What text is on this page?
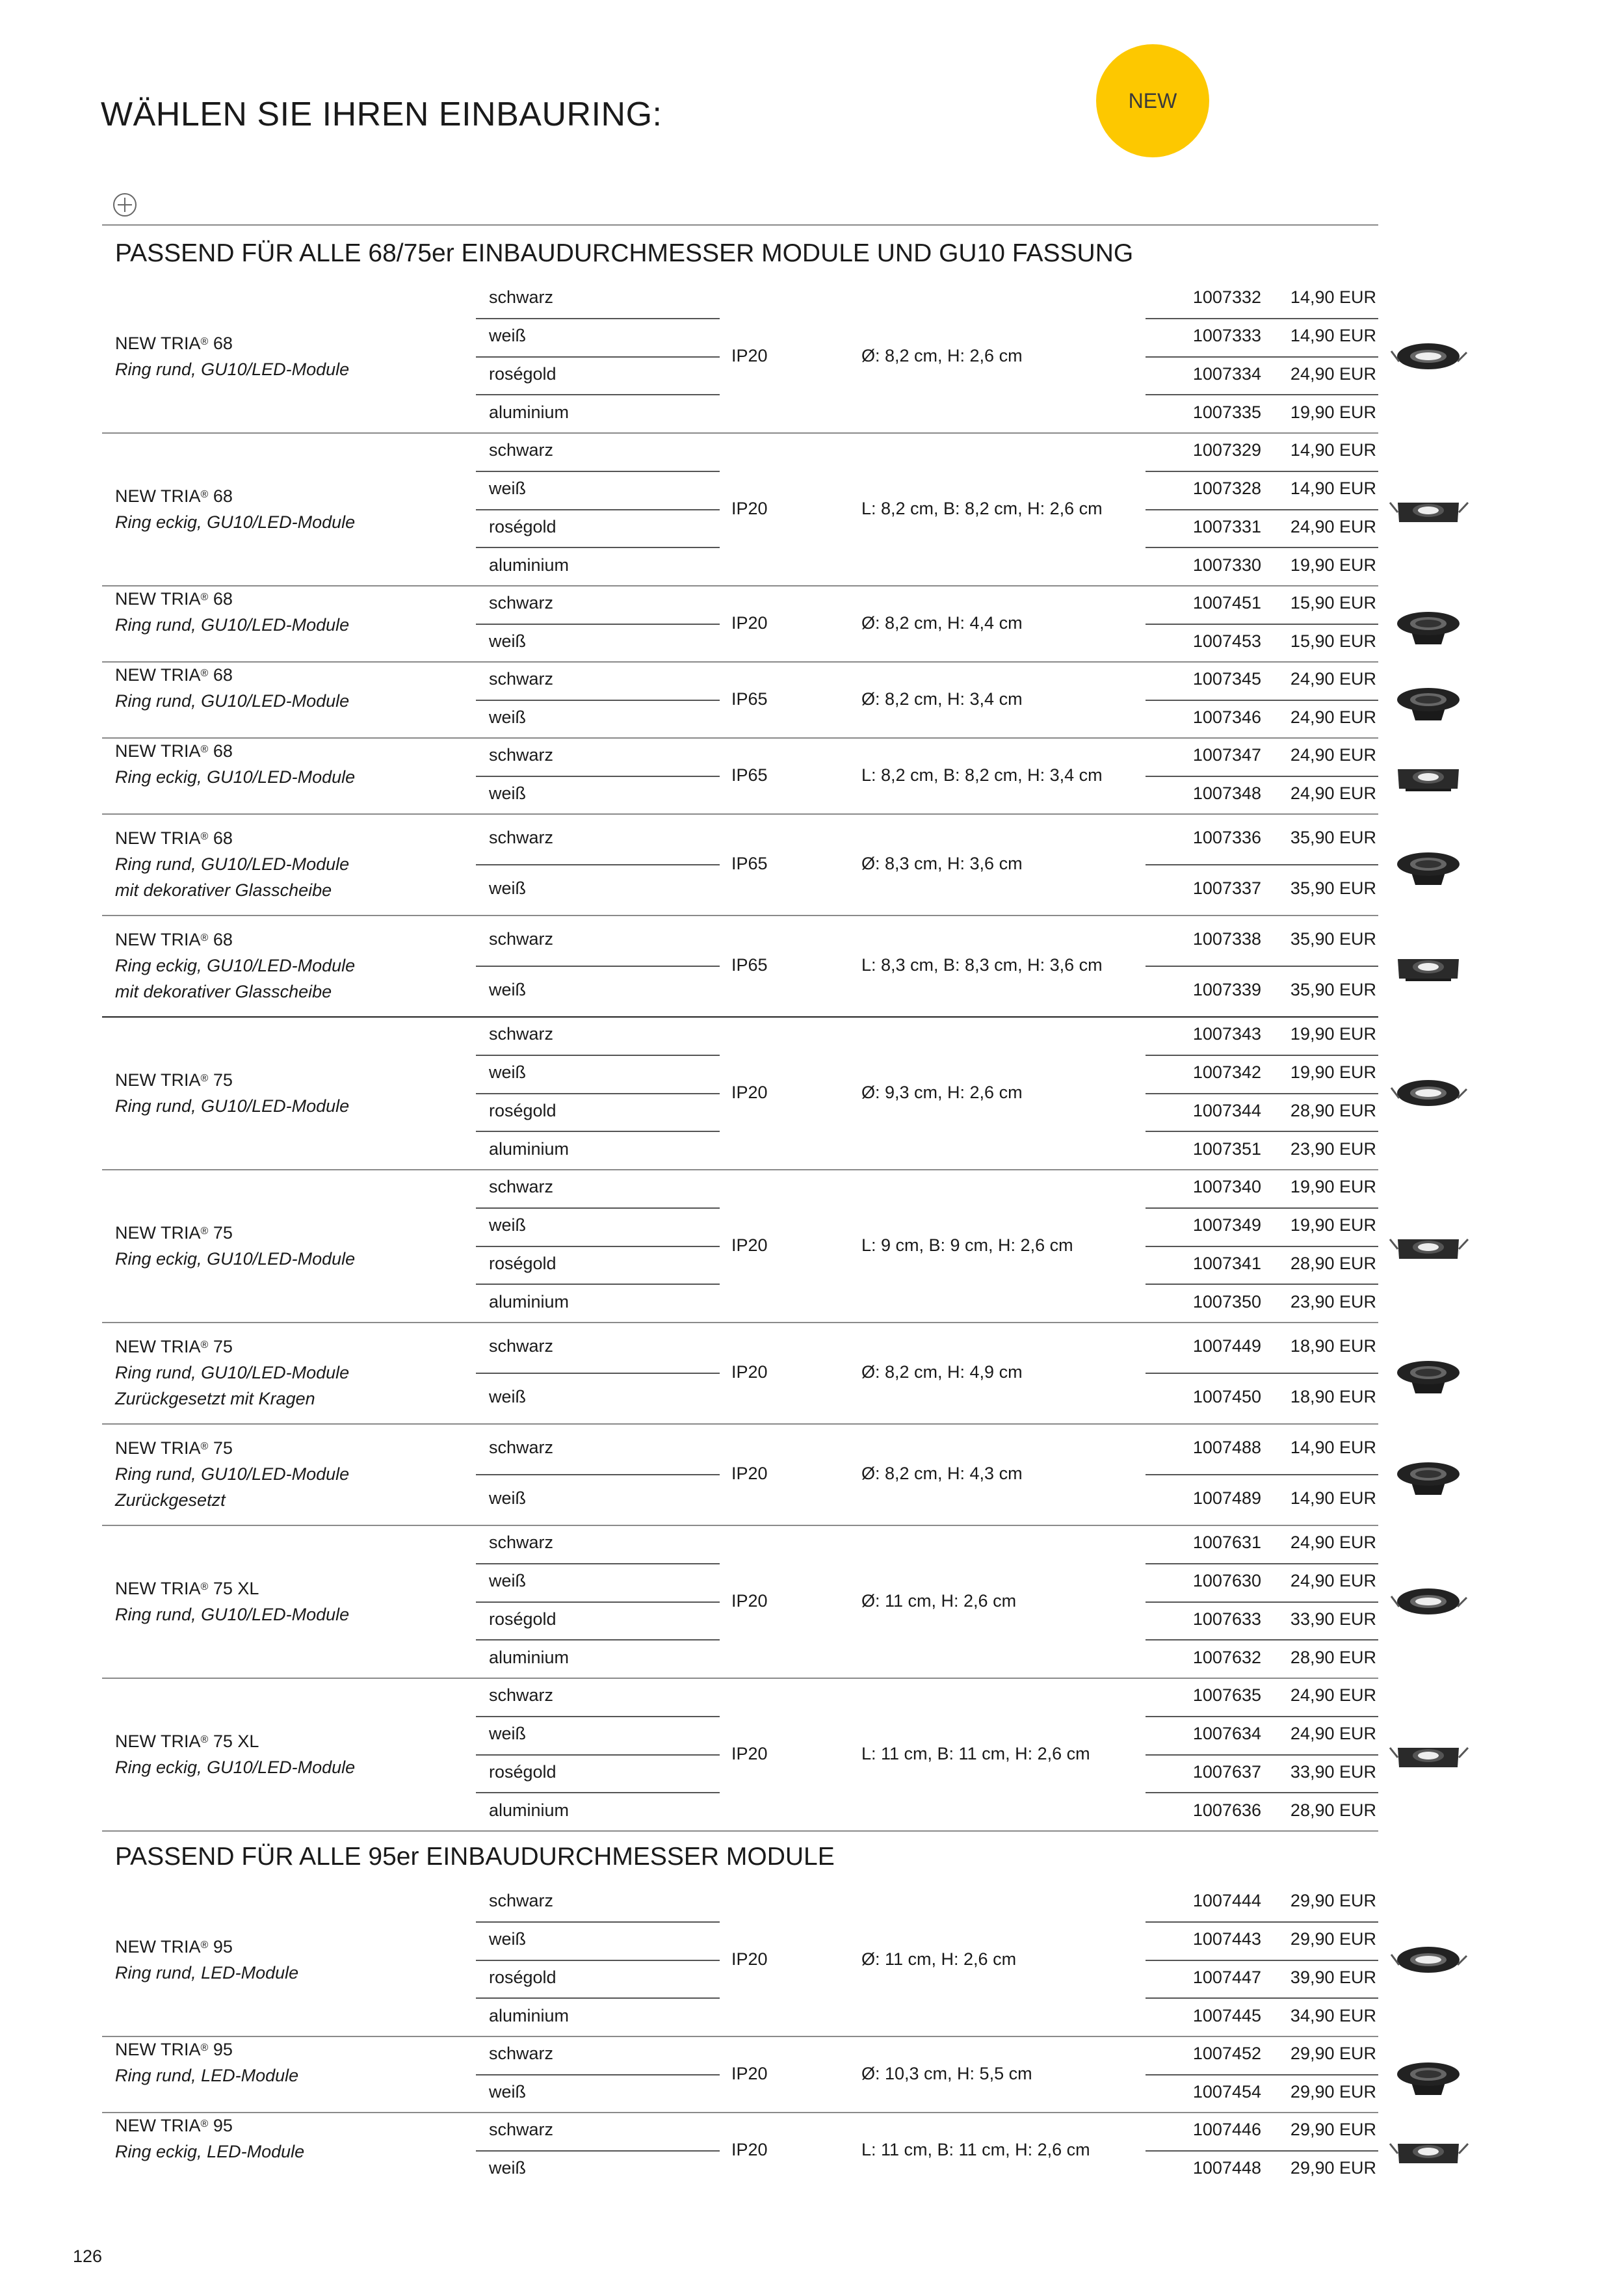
WÄHLEN SIE IHREN EINBAURING:	NEW
PASSEND FÜR ALLE 68/75er EINBAUDURCHMESSER MODULE UND GU10 FASSUNG
NEW TRIA® 68
Ring rund, GU10/LED-Module
IP20	Ø: 8,2 cm, H: 2,6 cm
schwarz	1007332	14,90 EUR
weiß	1007333	14,90 EUR
roségold	1007334	24,90 EUR
aluminium	1007335	19,90 EUR
NEW TRIA® 68
Ring eckig, GU10/LED-Module
IP20	L: 8,2 cm, B: 8,2 cm, H: 2,6 cm
schwarz	1007329	14,90 EUR
weiß	1007328	14,90 EUR
roségold	1007331	24,90 EUR
aluminium	1007330	19,90 EUR
NEW TRIA® 68
Ring rund, GU10/LED-Module	IP20	Ø: 8,2 cm, H: 4,4 cm
schwarz	1007451	15,90 EUR
weiß	1007453	15,90 EUR
NEW TRIA® 68
Ring rund, GU10/LED-Module	IP65	Ø: 8,2 cm, H: 3,4 cm
schwarz	1007345	24,90 EUR
weiß	1007346	24,90 EUR
NEW TRIA® 68
Ring eckig, GU10/LED-Module	IP65	L: 8,2 cm, B: 8,2 cm, H: 3,4 cm
schwarz	1007347	24,90 EUR
weiß	1007348	24,90 EUR
NEW TRIA® 68
Ring rund, GU10/LED-Module
mit dekorativer Glasscheibe
IP65	Ø: 8,3 cm, H: 3,6 cm
schwarz	1007336	35,90 EUR
weiß	1007337	35,90 EUR
NEW TRIA® 68
Ring eckig, GU10/LED-Module
mit dekorativer Glasscheibe
IP65	L: 8,3 cm, B: 8,3 cm, H: 3,6 cm
schwarz	1007338	35,90 EUR
weiß	1007339	35,90 EUR
NEW TRIA® 75
Ring rund, GU10/LED-Module
IP20	Ø: 9,3 cm, H: 2,6 cm
schwarz	1007343	19,90 EUR
weiß	1007342	19,90 EUR
roségold	1007344	28,90 EUR
aluminium	1007351	23,90 EUR
NEW TRIA® 75
Ring eckig, GU10/LED-Module
IP20	L: 9 cm, B: 9 cm, H: 2,6 cm
schwarz	1007340	19,90 EUR
weiß	1007349	19,90 EUR
roségold	1007341	28,90 EUR
aluminium	1007350	23,90 EUR
NEW TRIA® 75
Ring rund, GU10/LED-Module
Zurückgesetzt mit Kragen
IP20	Ø: 8,2 cm, H: 4,9 cm
schwarz	1007449	18,90 EUR
weiß	1007450	18,90 EUR
NEW TRIA® 75
Ring rund, GU10/LED-Module
Zurückgesetzt
IP20	Ø: 8,2 cm, H: 4,3 cm
schwarz	1007488	14,90 EUR
weiß	1007489	14,90 EUR
NEW TRIA® 75 XL
Ring rund, GU10/LED-Module
IP20	Ø: 11 cm, H: 2,6 cm
schwarz	1007631	24,90 EUR
weiß	1007630	24,90 EUR
roségold	1007633	33,90 EUR
aluminium	1007632	28,90 EUR
NEW TRIA® 75 XL
Ring eckig, GU10/LED-Module
IP20	L: 11 cm, B: 11 cm, H: 2,6 cm
schwarz	1007635	24,90 EUR
weiß	1007634	24,90 EUR
roségold	1007637	33,90 EUR
aluminium	1007636	28,90 EUR
PASSEND FÜR ALLE 95er EINBAUDURCHMESSER MODULE
NEW TRIA® 95
Ring rund, LED-Module
IP20	Ø: 11 cm, H: 2,6 cm
schwarz	1007444	29,90 EUR
weiß	1007443	29,90 EUR
roségold	1007447	39,90 EUR
aluminium	1007445	34,90 EUR
NEW TRIA® 95
Ring rund, LED-Module	IP20	Ø: 10,3 cm, H: 5,5 cm
schwarz	1007452	29,90 EUR
weiß	1007454	29,90 EUR
NEW TRIA® 95
Ring eckig, LED-Module	IP20	L: 11 cm, B: 11 cm, H: 2,6 cm
schwarz	1007446	29,90 EUR
weiß	1007448	29,90 EUR
126
